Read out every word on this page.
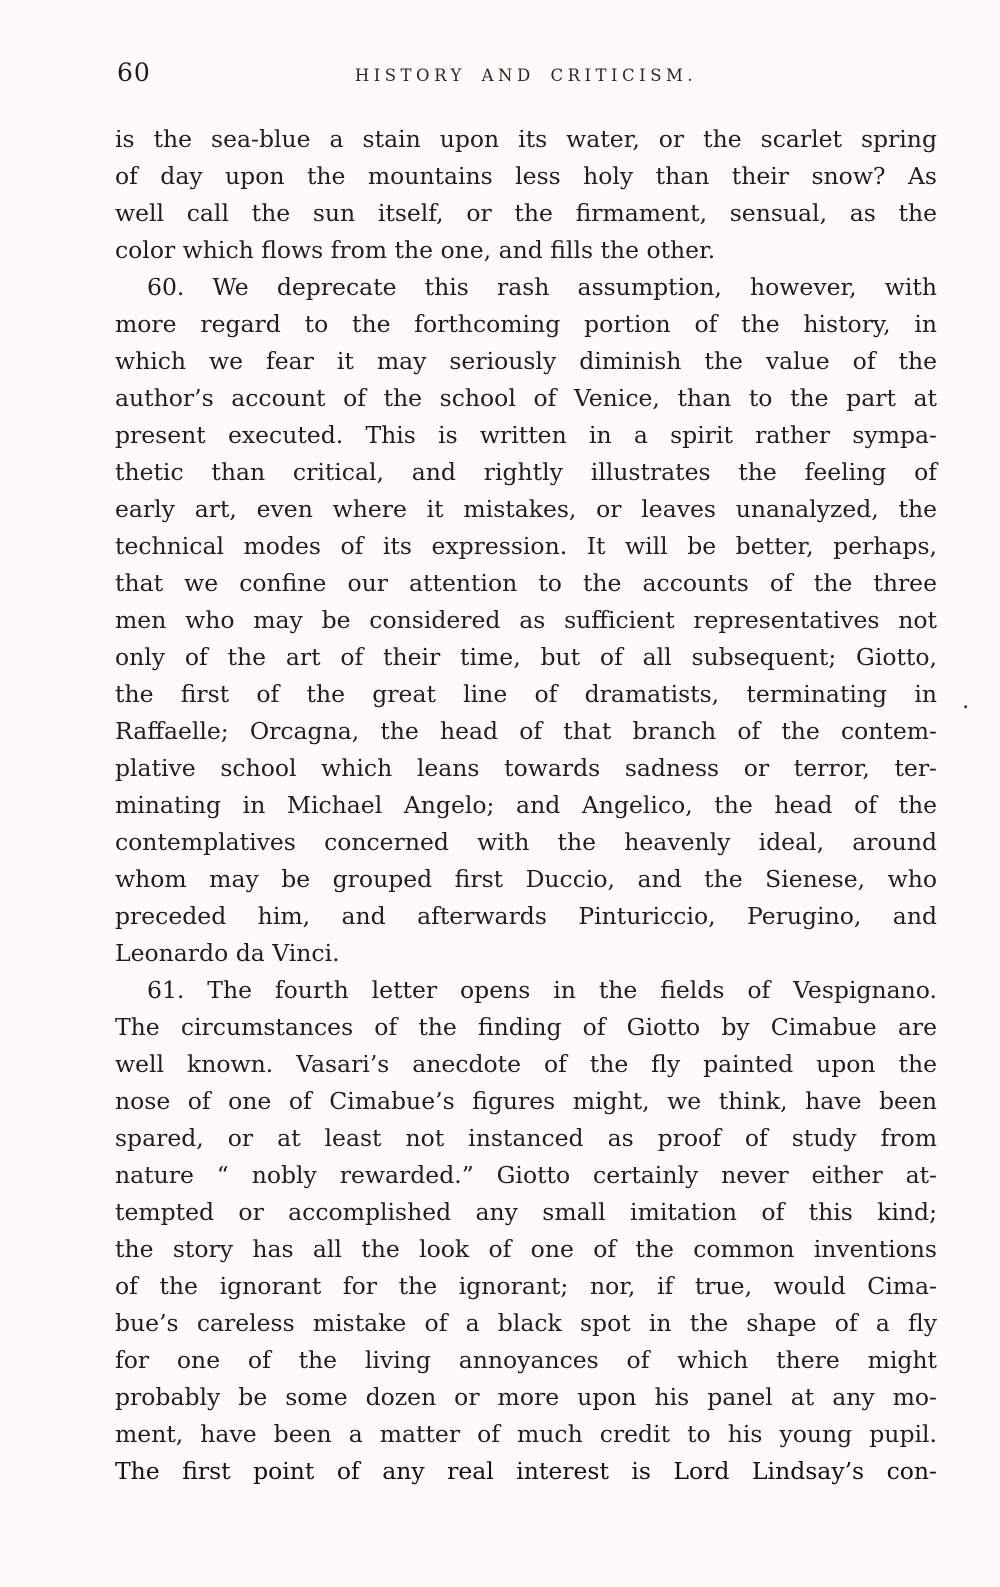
60	HISTORY AND CRITICISM.
is the sea-blue a stain upon its water, or the scarlet spring
of day upon the mountains less holy than their snow? As
well call the sun itself, or the firmament, sensual, as the
color which flows from the one, and fills the other.
60. We deprecate this rash assumption, however, with
more regard to the forthcoming portion of the history, in
which we fear it may seriously diminish the value of the
author’s account of the school of Venice, than to the part at
present executed. This is written in a spirit rather sympa-
thetic than critical, and rightly illustrates the feeling of
early art, even where it mistakes, or leaves unanalyzed, the
technical modes of its expression. It will be better, perhaps,
that we confine our attention to the accounts of the three
men who may be considered as sufficient representatives not
only of the art of their time, but of all subsequent; Giotto,
the first of the great line of dramatists, terminating in
Raffaelle; Orcagna, the head of that branch of the contem-
plative school which leans towards sadness or terror, ter-
minating in Michael Angelo; and Angelico, the head of the
contemplatives concerned with the heavenly ideal, around
whom may be grouped first Duccio, and the Sienese, who
preceded him, and afterwards Pinturiccio, Perugino, and
Leonardo da Vinci.
61. The fourth letter opens in the fields of Vespignano.
The circumstances of the finding of Giotto by Cimabue are
well known. Vasari’s anecdote of the fly painted upon the
nose of one of Cimabue’s figures might, we think, have been
spared, or at least not instanced as proof of study from
nature “ nobly rewarded.” Giotto certainly never either at-
tempted or accomplished any small imitation of this kind;
the story has all the look of one of the common inventions
of the ignorant for the ignorant; nor, if true, would Cima-
bue’s careless mistake of a black spot in the shape of a fly
for one of the living annoyances of which there might
probably be some dozen or more upon his panel at any mo-
ment, have been a matter of much credit to his young pupil.
The first point of any real interest is Lord Lindsay’s con-
.
